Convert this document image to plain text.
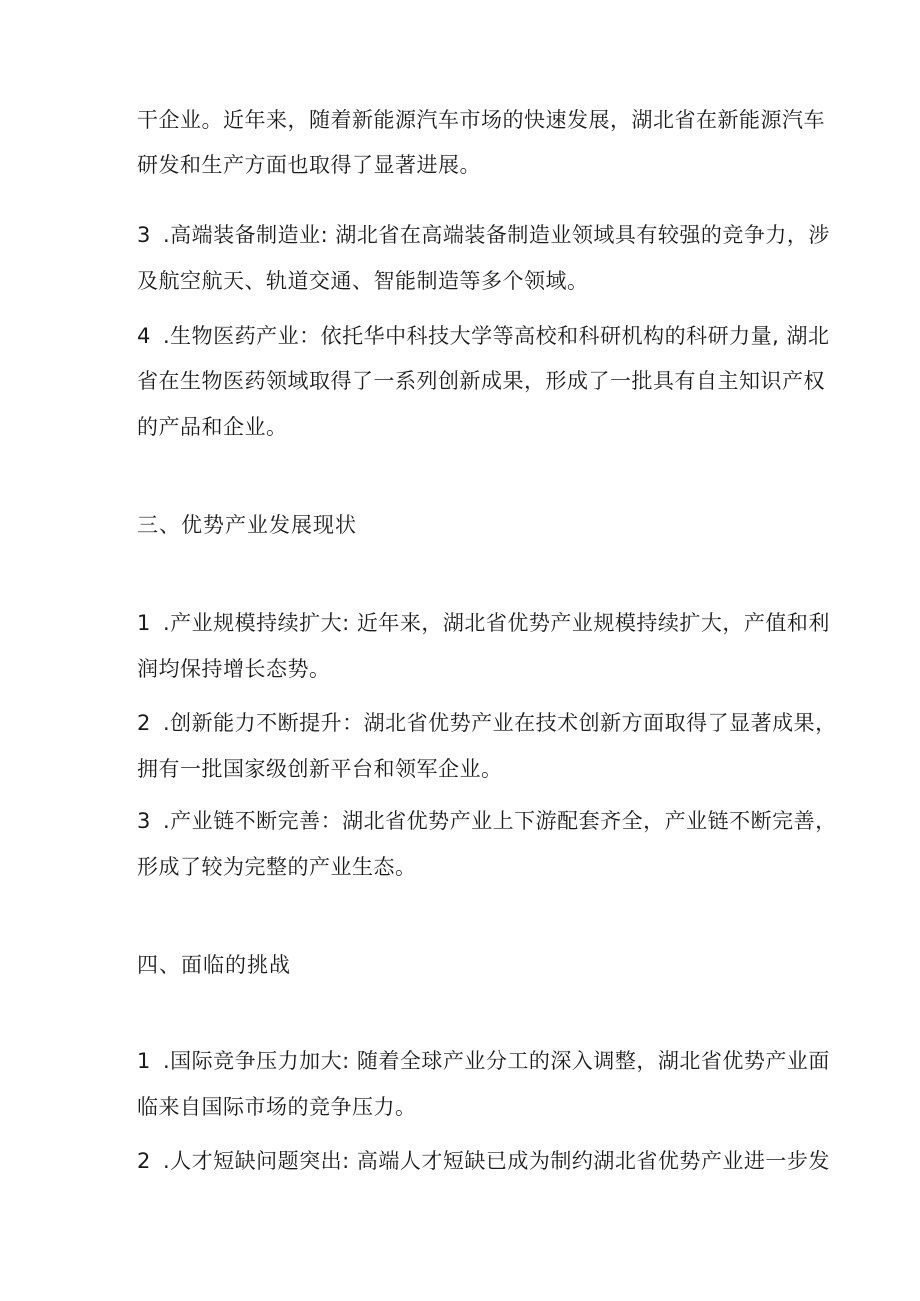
干企业。近年来，随着新能源汽车市场的快速发展，湖北省在新能源汽车
研发和生产方面也取得了显著进展。
3 .高端装备制造业: 湖北省在高端装备制造业领域具有较强的竞争力，涉
及航空航天、轨道交通、智能制造等多个领域。
4 .生物医药产业：依托华中科技大学等高校和科研机构的科研力量, 湖北
省在生物医药领域取得了一系列创新成果，形成了一批具有自主知识产权
的产品和企业。
三、优势产业发展现状
1 .产业规模持续扩大: 近年来，湖北省优势产业规模持续扩大，产值和利
润均保持增长态势。
2 .创新能力不断提升：湖北省优势产业在技术创新方面取得了显著成果，
拥有一批国家级创新平台和领军企业。
3 .产业链不断完善：湖北省优势产业上下游配套齐全，产业链不断完善，
形成了较为完整的产业生态。
四、面临的挑战
1 .国际竞争压力加大: 随着全球产业分工的深入调整，湖北省优势产业面
临来自国际市场的竞争压力。
2 .人才短缺问题突出: 高端人才短缺已成为制约湖北省优势产业进一步发
